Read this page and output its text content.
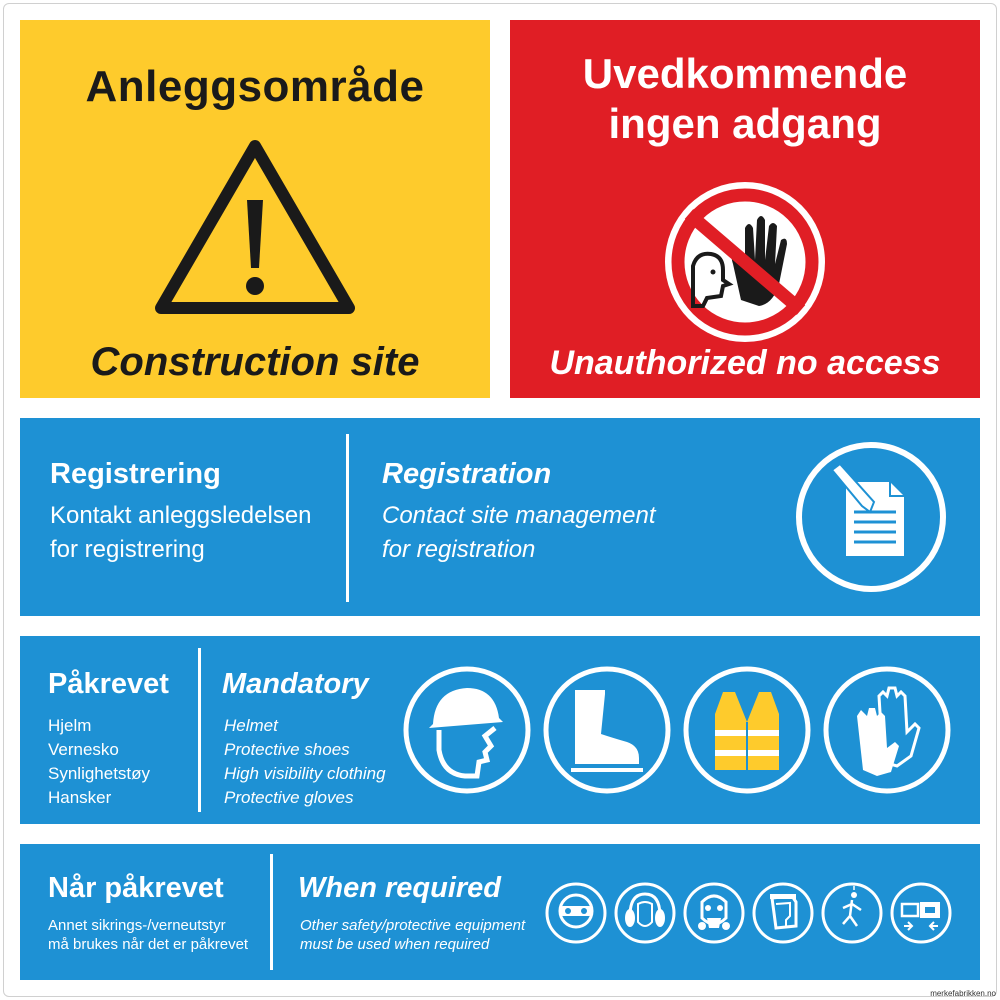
Anleggsområde
Construction site
Uvedkommende
ingen adgang
Unauthorized no access
Registrering
Kontakt anleggsledelsen
for registrering
Registration
Contact site management
for registration
Påkrevet
Hjelm
Vernesko
Synlighetstøy
Hansker
Mandatory
Helmet
Protective shoes
High visibility clothing
Protective gloves
Når påkrevet
Annet sikrings-/verneutstyr
må brukes når det er påkrevet
When required
Other safety/protective equipment
must be used when required
merkefabrikken.no
